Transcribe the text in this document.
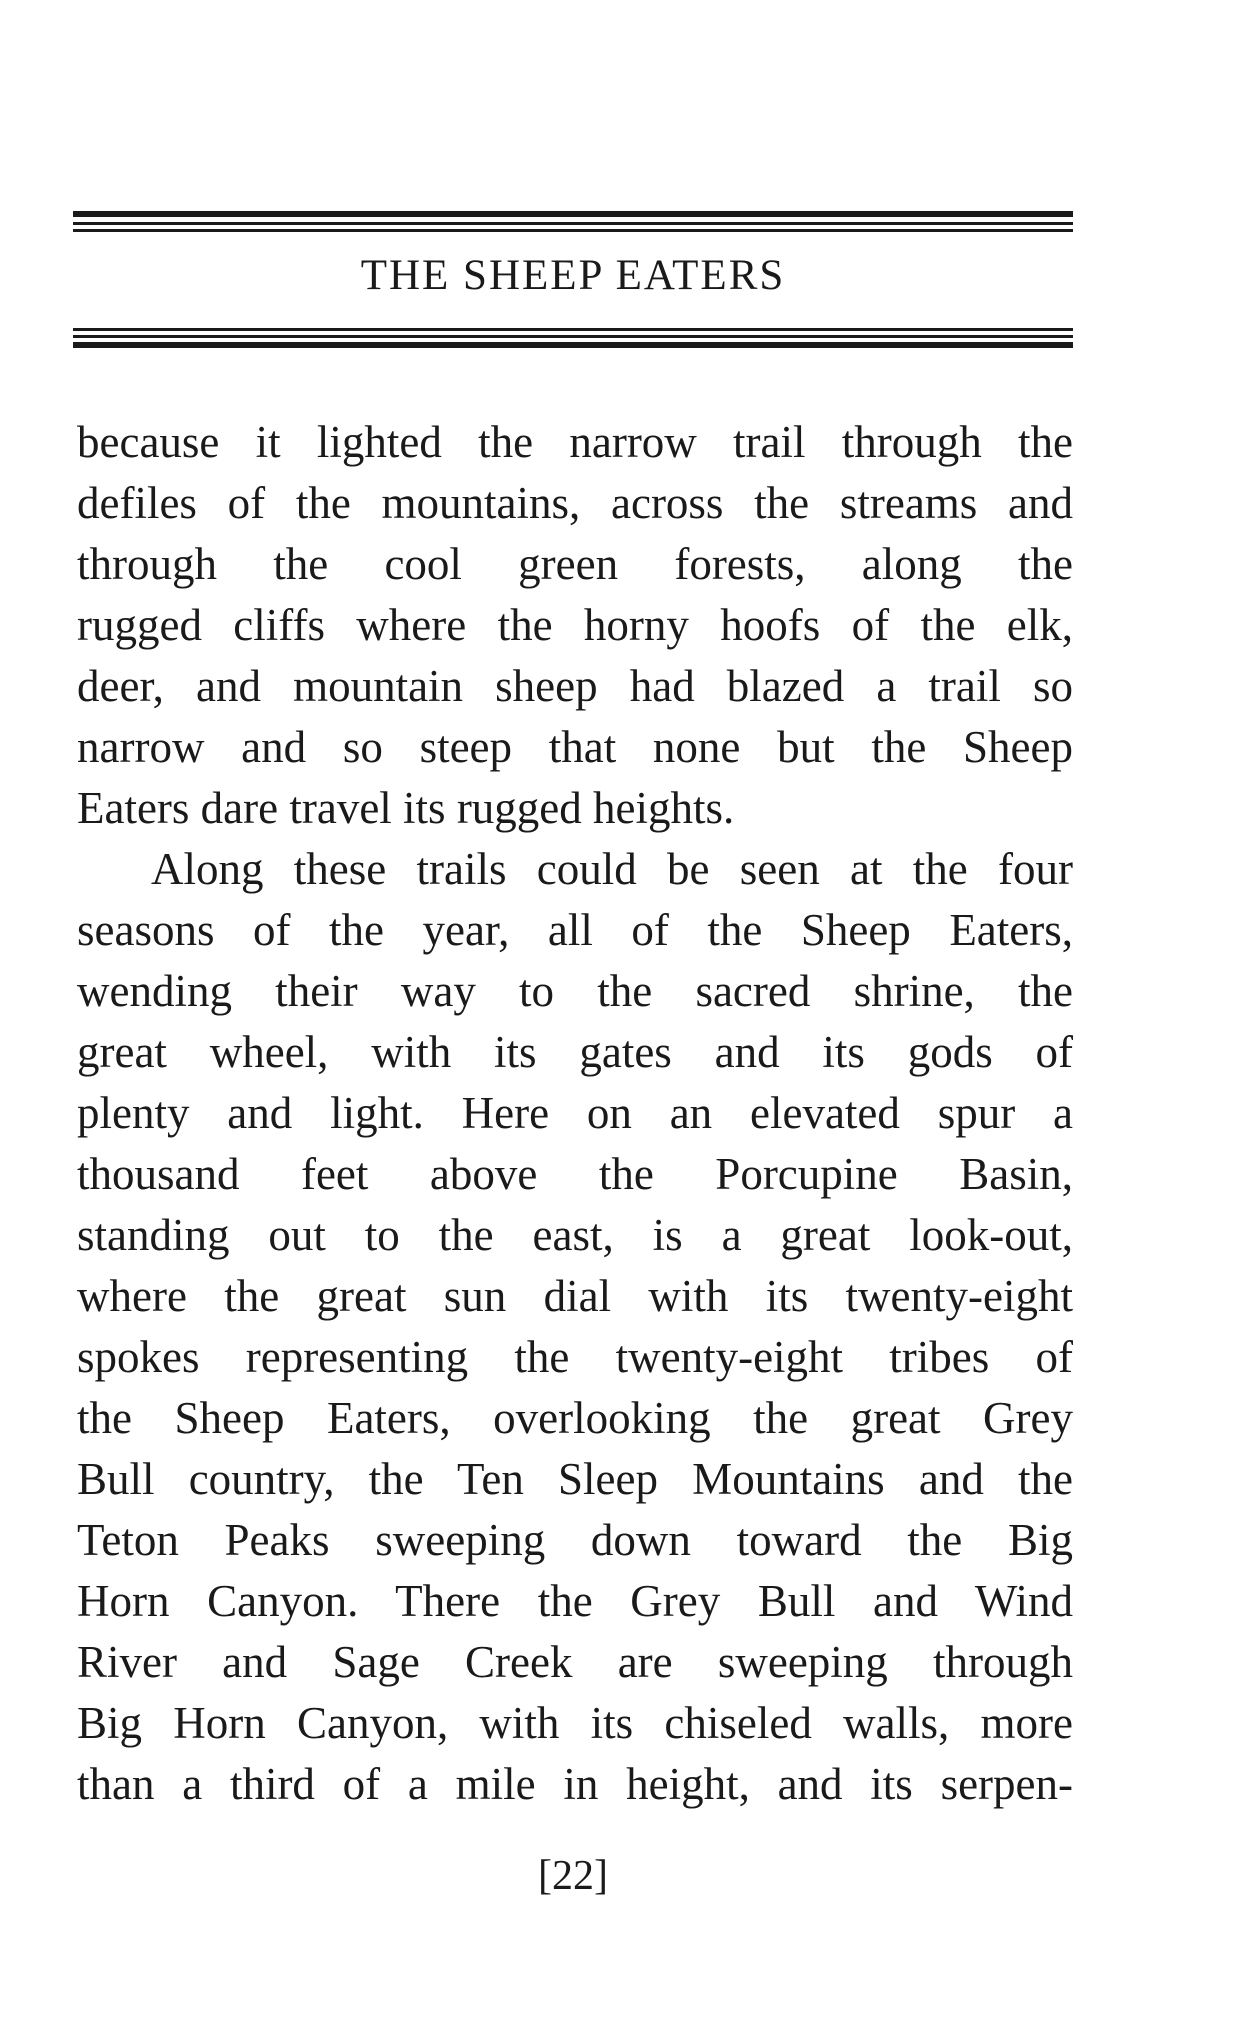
THE SHEEP EATERS
because it lighted the narrow trail through the
defiles of the mountains, across the streams and
through the cool green forests, along the
rugged cliffs where the horny hoofs of the elk,
deer, and mountain sheep had blazed a trail so
narrow and so steep that none but the Sheep
Eaters dare travel its rugged heights.
Along these trails could be seen at the four
seasons of the year, all of the Sheep Eaters,
wending their way to the sacred shrine, the
great wheel, with its gates and its gods of
plenty and light. Here on an elevated spur a
thousand feet above the Porcupine Basin,
standing out to the east, is a great look-out,
where the great sun dial with its twenty-eight
spokes representing the twenty-eight tribes of
the Sheep Eaters, overlooking the great Grey
Bull country, the Ten Sleep Mountains and the
Teton Peaks sweeping down toward the Big
Horn Canyon. There the Grey Bull and Wind
River and Sage Creek are sweeping through
Big Horn Canyon, with its chiseled walls, more
than a third of a mile in height, and its serpen-
[22]
